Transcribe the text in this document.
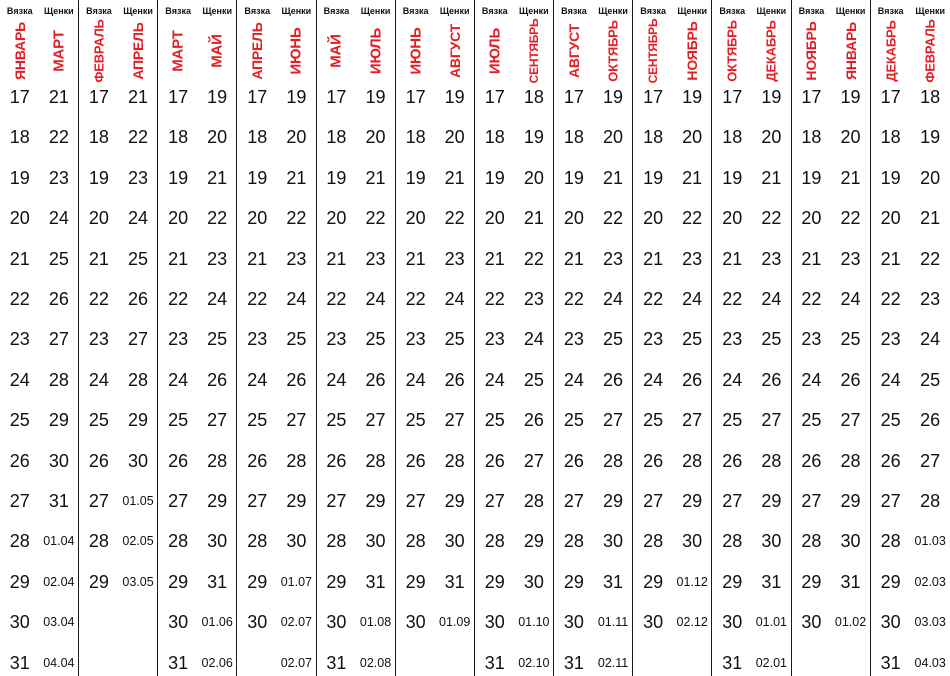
Вязка
ЯНВАРЬ
17
18
19
20
21
22
23
24
25
26
27
28
29
30
31
Щенки
МАРТ
21
22
23
24
25
26
27
28
29
30
31
01.04
02.04
03.04
04.04
Вязка
ФЕВРАЛЬ
17
18
19
20
21
22
23
24
25
26
27
28
29
Щенки
АПРЕЛЬ
21
22
23
24
25
26
27
28
29
30
01.05
02.05
03.05
Вязка
МАРТ
17
18
19
20
21
22
23
24
25
26
27
28
29
30
31
Щенки
МАЙ
19
20
21
22
23
24
25
26
27
28
29
30
31
01.06
02.06
Вязка
АПРЕЛЬ
17
18
19
20
21
22
23
24
25
26
27
28
29
30
Щенки
ИЮНЬ
19
20
21
22
23
24
25
26
27
28
29
30
01.07
02.07
02.07
Вязка
МАЙ
17
18
19
20
21
22
23
24
25
26
27
28
29
30
31
Щенки
ИЮЛЬ
19
20
21
22
23
24
25
26
27
28
29
30
31
01.08
02.08
Вязка
ИЮНЬ
17
18
19
20
21
22
23
24
25
26
27
28
29
30
Щенки
АВГУСТ
19
20
21
22
23
24
25
26
27
28
29
30
31
01.09
Вязка
ИЮЛЬ
17
18
19
20
21
22
23
24
25
26
27
28
29
30
31
Щенки
СЕНТЯБРЬ
18
19
20
21
22
23
24
25
26
27
28
29
30
01.10
02.10
Вязка
АВГУСТ
17
18
19
20
21
22
23
24
25
26
27
28
29
30
31
Щенки
ОКТЯБРЬ
19
20
21
22
23
24
25
26
27
28
29
30
31
01.11
02.11
Вязка
СЕНТЯБРЬ
17
18
19
20
21
22
23
24
25
26
27
28
29
30
Щенки
НОЯБРЬ
19
20
21
22
23
24
25
26
27
28
29
30
01.12
02.12
Вязка
ОКТЯБРЬ
17
18
19
20
21
22
23
24
25
26
27
28
29
30
31
Щенки
ДЕКАБРЬ
19
20
21
22
23
24
25
26
27
28
29
30
31
01.01
02.01
Вязка
НОЯБРЬ
17
18
19
20
21
22
23
24
25
26
27
28
29
30
Щенки
ЯНВАРЬ
19
20
21
22
23
24
25
26
27
28
29
30
31
01.02
Вязка
ДЕКАБРЬ
17
18
19
20
21
22
23
24
25
26
27
28
29
30
31
Щенки
ФЕВРАЛЬ
18
19
20
21
22
23
24
25
26
27
28
01.03
02.03
03.03
04.03
